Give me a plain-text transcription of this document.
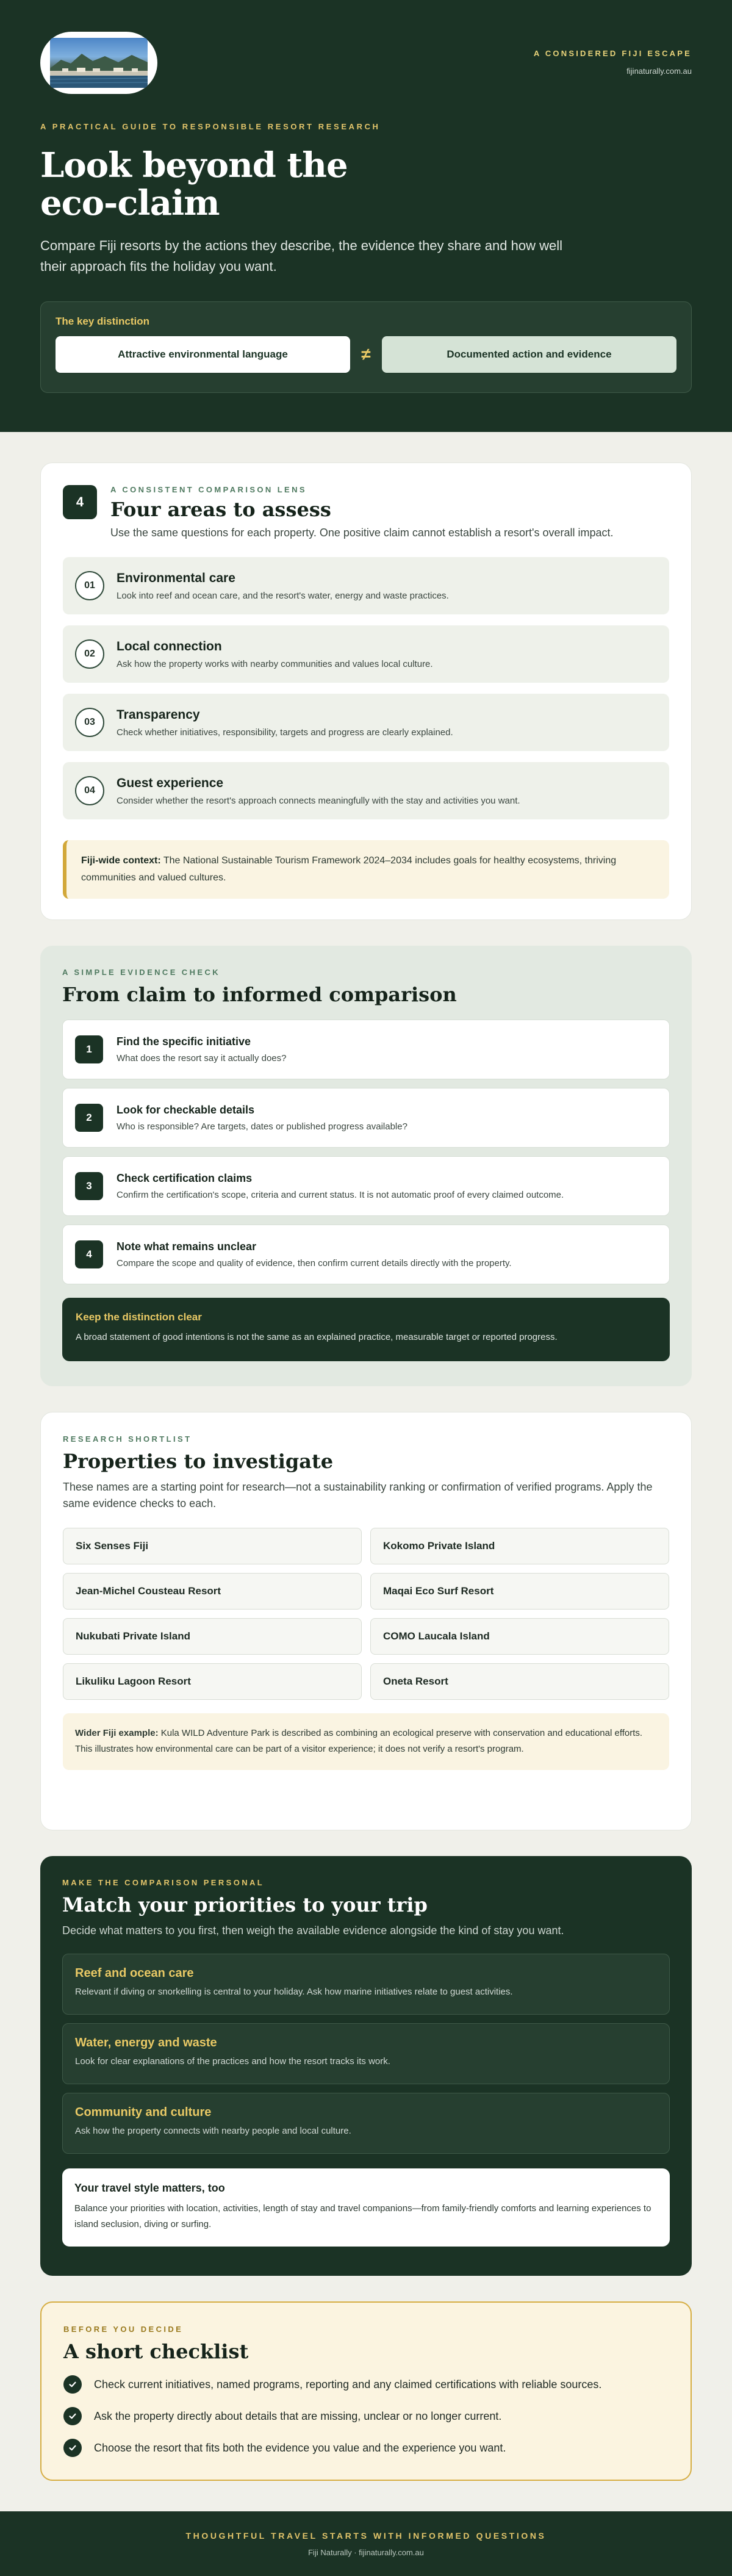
A CONSIDERED FIJI ESCAPE
fijinaturally.com.au
A PRACTICAL GUIDE TO RESPONSIBLE RESORT RESEARCH
Look beyond the eco-claim

Compare Fiji resorts by the actions they describe, the evidence they share and how well their approach fits the holiday you want.

The key distinction
Attractive environmental language	≠	Documented action and evidence
4
A CONSISTENT COMPARISON LENS
Four areas to assess

Use the same questions for each property. One positive claim cannot establish a resort's overall impact.

01
Environmental care
Look into reef and ocean care, and the resort's water, energy and waste practices.
02
Local connection
Ask how the property works with nearby communities and values local culture.
03
Transparency
Check whether initiatives, responsibility, targets and progress are clearly explained.
04
Guest experience
Consider whether the resort's approach connects meaningfully with the stay and activities you want.
Fiji-wide context: The National Sustainable Tourism Framework 2024–2034 includes goals for healthy ecosystems, thriving communities and valued cultures.
A SIMPLE EVIDENCE CHECK
From claim to informed comparison
1
Find the specific initiative
What does the resort say it actually does?
2
Look for checkable details
Who is responsible? Are targets, dates or published progress available?
3
Check certification claims
Confirm the certification's scope, criteria and current status. It is not automatic proof of every claimed outcome.
4
Note what remains unclear
Compare the scope and quality of evidence, then confirm current details directly with the property.
Keep the distinction clear
A broad statement of good intentions is not the same as an explained practice, measurable target or reported progress.
RESEARCH SHORTLIST
Properties to investigate

These names are a starting point for research—not a sustainability ranking or confirmation of verified programs. Apply the same evidence checks to each.

Six Senses Fiji	Kokomo Private Island
Jean-Michel Cousteau Resort	Maqai Eco Surf Resort
Nukubati Private Island	COMO Laucala Island
Likuliku Lagoon Resort	Oneta Resort
Wider Fiji example: Kula WILD Adventure Park is described as combining an ecological preserve with conservation and educational efforts. This illustrates how environmental care can be part of a visitor experience; it does not verify a resort's program.
MAKE THE COMPARISON PERSONAL
Match your priorities to your trip

Decide what matters to you first, then weigh the available evidence alongside the kind of stay you want.

Reef and ocean care
Relevant if diving or snorkelling is central to your holiday. Ask how marine initiatives relate to guest activities.
Water, energy and waste
Look for clear explanations of the practices and how the resort tracks its work.
Community and culture
Ask how the property connects with nearby people and local culture.
Your travel style matters, too
Balance your priorities with location, activities, length of stay and travel companions—from family-friendly comforts and learning experiences to island seclusion, diving or surfing.
BEFORE YOU DECIDE
A short checklist
Check current initiatives, named programs, reporting and any claimed certifications with reliable sources.
Ask the property directly about details that are missing, unclear or no longer current.
Choose the resort that fits both the evidence you value and the experience you want.
THOUGHTFUL TRAVEL STARTS WITH INFORMED QUESTIONS
Fiji Naturally · fijinaturally.com.au
